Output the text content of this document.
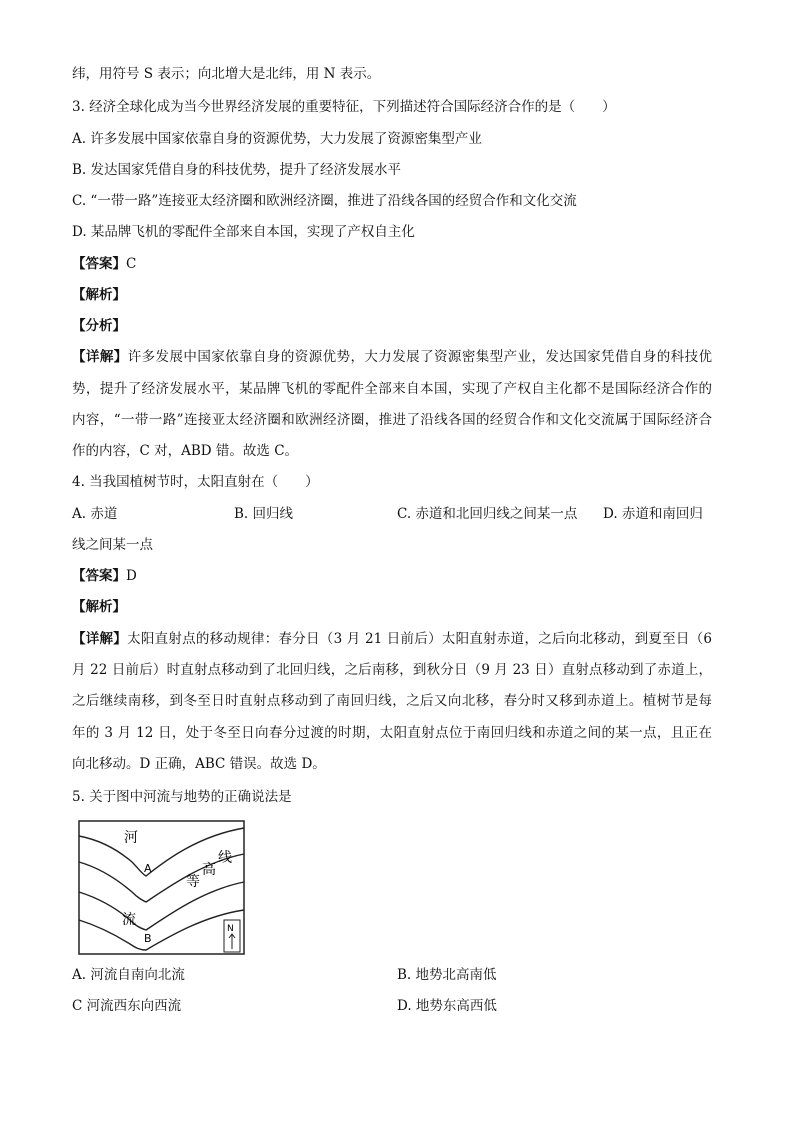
纬，用符号 S 表示；向北增大是北纬，用 N 表示。
3. 经济全球化成为当今世界经济发展的重要特征，下列描述符合国际经济合作的是（　　）
A. 许多发展中国家依靠自身的资源优势，大力发展了资源密集型产业
B. 发达国家凭借自身的科技优势，提升了经济发展水平
C. “一带一路”连接亚太经济圈和欧洲经济圈，推进了沿线各国的经贸合作和文化交流
D. 某品牌飞机的零配件全部来自本国，实现了产权自主化
【答案】C
【解析】
【分析】
【详解】许多发展中国家依靠自身的资源优势，大力发展了资源密集型产业，发达国家凭借自身的科技优
势，提升了经济发展水平，某品牌飞机的零配件全部来自本国，实现了产权自主化都不是国际经济合作的
内容，“一带一路”连接亚太经济圈和欧洲经济圈，推进了沿线各国的经贸合作和文化交流属于国际经济合
作的内容，C 对，ABD 错。故选 C。
4. 当我国植树节时，太阳直射在（　　）
A. 赤道	B. 回归线	C. 赤道和北回归线之间某一点 D. 赤道和南回归
线之间某一点
【答案】D
【解析】
【详解】太阳直射点的移动规律：春分日（3 月 21 日前后）太阳直射赤道，之后向北移动，到夏至日（6
月 22 日前后）时直射点移动到了北回归线，之后南移，到秋分日（9 月 23 日）直射点移动到了赤道上，
之后继续南移，到冬至日时直射点移动到了南回归线，之后又向北移，春分时又移到赤道上。植树节是每
年的 3 月 12 日，处于冬至日向春分过渡的时期，太阳直射点位于南回归线和赤道之间的某一点，且正在
向北移动。D 正确，ABC 错误。故选 D。
5. 关于图中河流与地势的正确说法是
河
流
A
B
等
高
线
N
A. 河流自南向北流	B. 地势北高南低
C 河流西东向西流	D. 地势东高西低
